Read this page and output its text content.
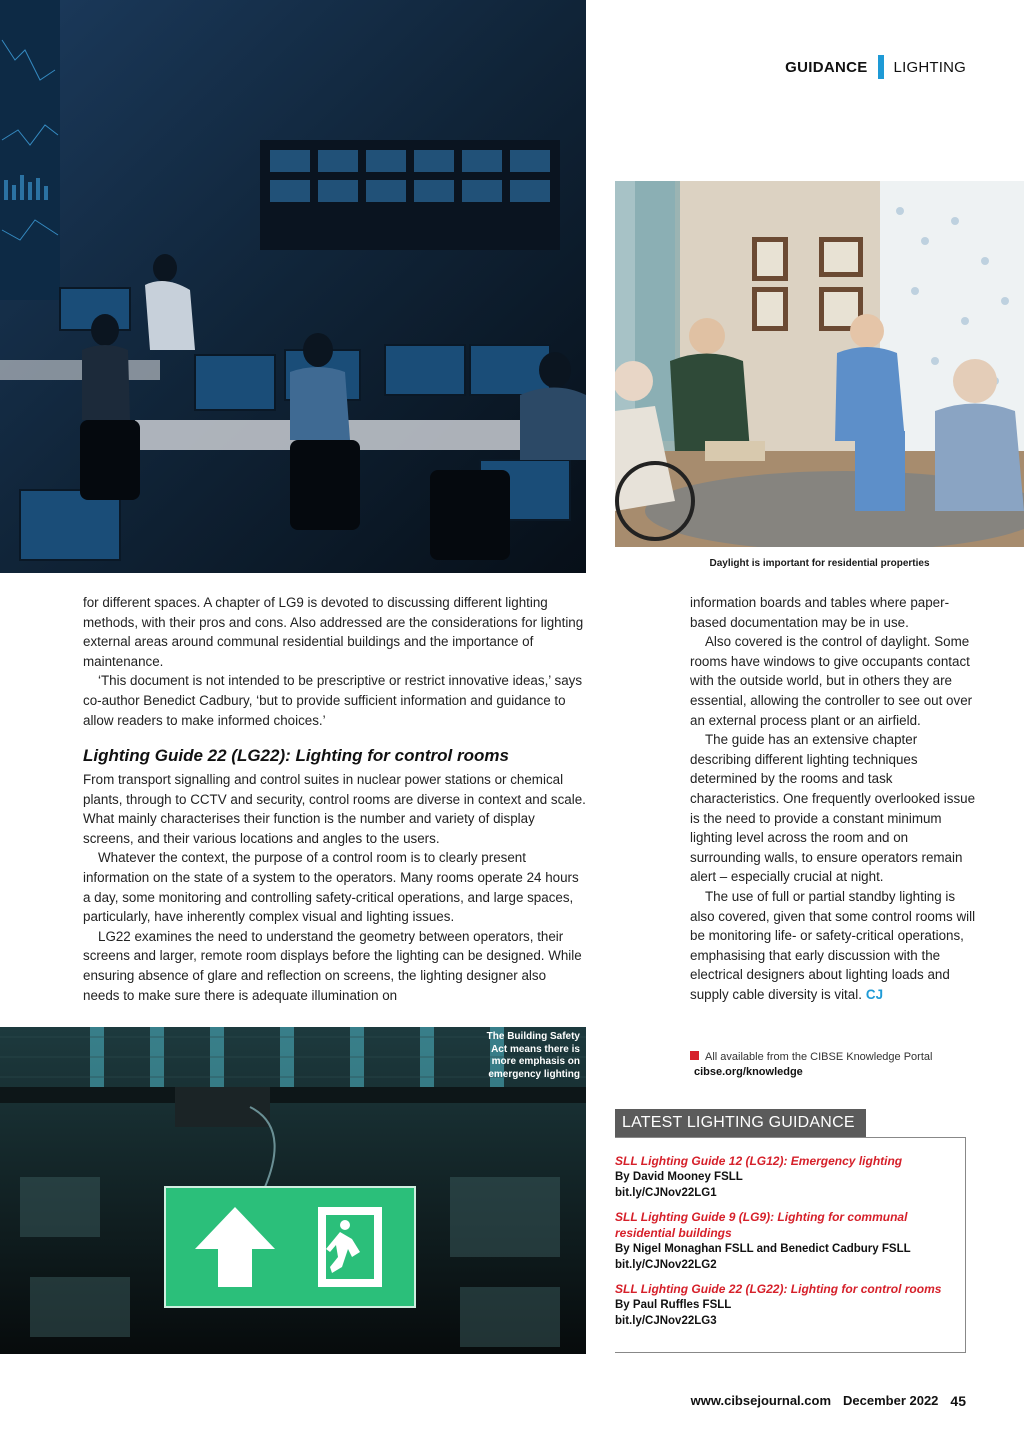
GUIDANCE LIGHTING
Daylight is important for residential properties

for different spaces. A chapter of LG9 is devoted to discussing different lighting methods, with their pros and cons. Also addressed are the considerations for lighting external areas around communal residential buildings and the importance of maintenance.

‘This document is not intended to be prescriptive or restrict innovative ideas,’ says co-author Benedict Cadbury, ‘but to provide sufficient information and guidance to allow readers to make informed choices.’

Lighting Guide 22 (LG22): Lighting for control rooms

From transport signalling and control suites in nuclear power stations or chemical plants, through to CCTV and security, control rooms are diverse in context and scale. What mainly characterises their function is the number and variety of display screens, and their various locations and angles to the users.

Whatever the context, the purpose of a control room is to clearly present information on the state of a system to the operators. Many rooms operate 24 hours a day, some monitoring and controlling safety-critical operations, and large spaces, particularly, have inherently complex visual and lighting issues.

LG22 examines the need to understand the geometry between operators, their screens and larger, remote room displays before the lighting can be designed. While ensuring absence of glare and reflection on screens, the lighting designer also needs to make sure there is adequate illumination on

information boards and tables where paper-based documentation may be in use.

Also covered is the control of daylight. Some rooms have windows to give occupants contact with the outside world, but in others they are essential, allowing the controller to see out over an external process plant or an airfield.

The guide has an extensive chapter describing different lighting techniques determined by the rooms and task characteristics. One frequently overlooked issue is the need to provide a constant minimum lighting level across the room and on surrounding walls, to ensure operators remain alert – especially crucial at night.

The use of full or partial standby lighting is also covered, given that some control rooms will be monitoring life- or safety-critical operations, emphasising that early discussion with the electrical designers about lighting loads and supply cable diversity is vital. CJ

All available from the CIBSE Knowledge Portal
cibse.org/knowledge
The Building Safety Act means there is more emphasis on emergency lighting
LATEST LIGHTING GUIDANCE
SLL Lighting Guide 12 (LG12): Emergency lighting
By David Mooney FSLL
bit.ly/CJNov22LG1
SLL Lighting Guide 9 (LG9): Lighting for communal residential buildings
By Nigel Monaghan FSLL and Benedict Cadbury FSLL
bit.ly/CJNov22LG2
SLL Lighting Guide 22 (LG22): Lighting for control rooms
By Paul Ruffles FSLL
bit.ly/CJNov22LG3
www.cibsejournal.com December 2022 45
